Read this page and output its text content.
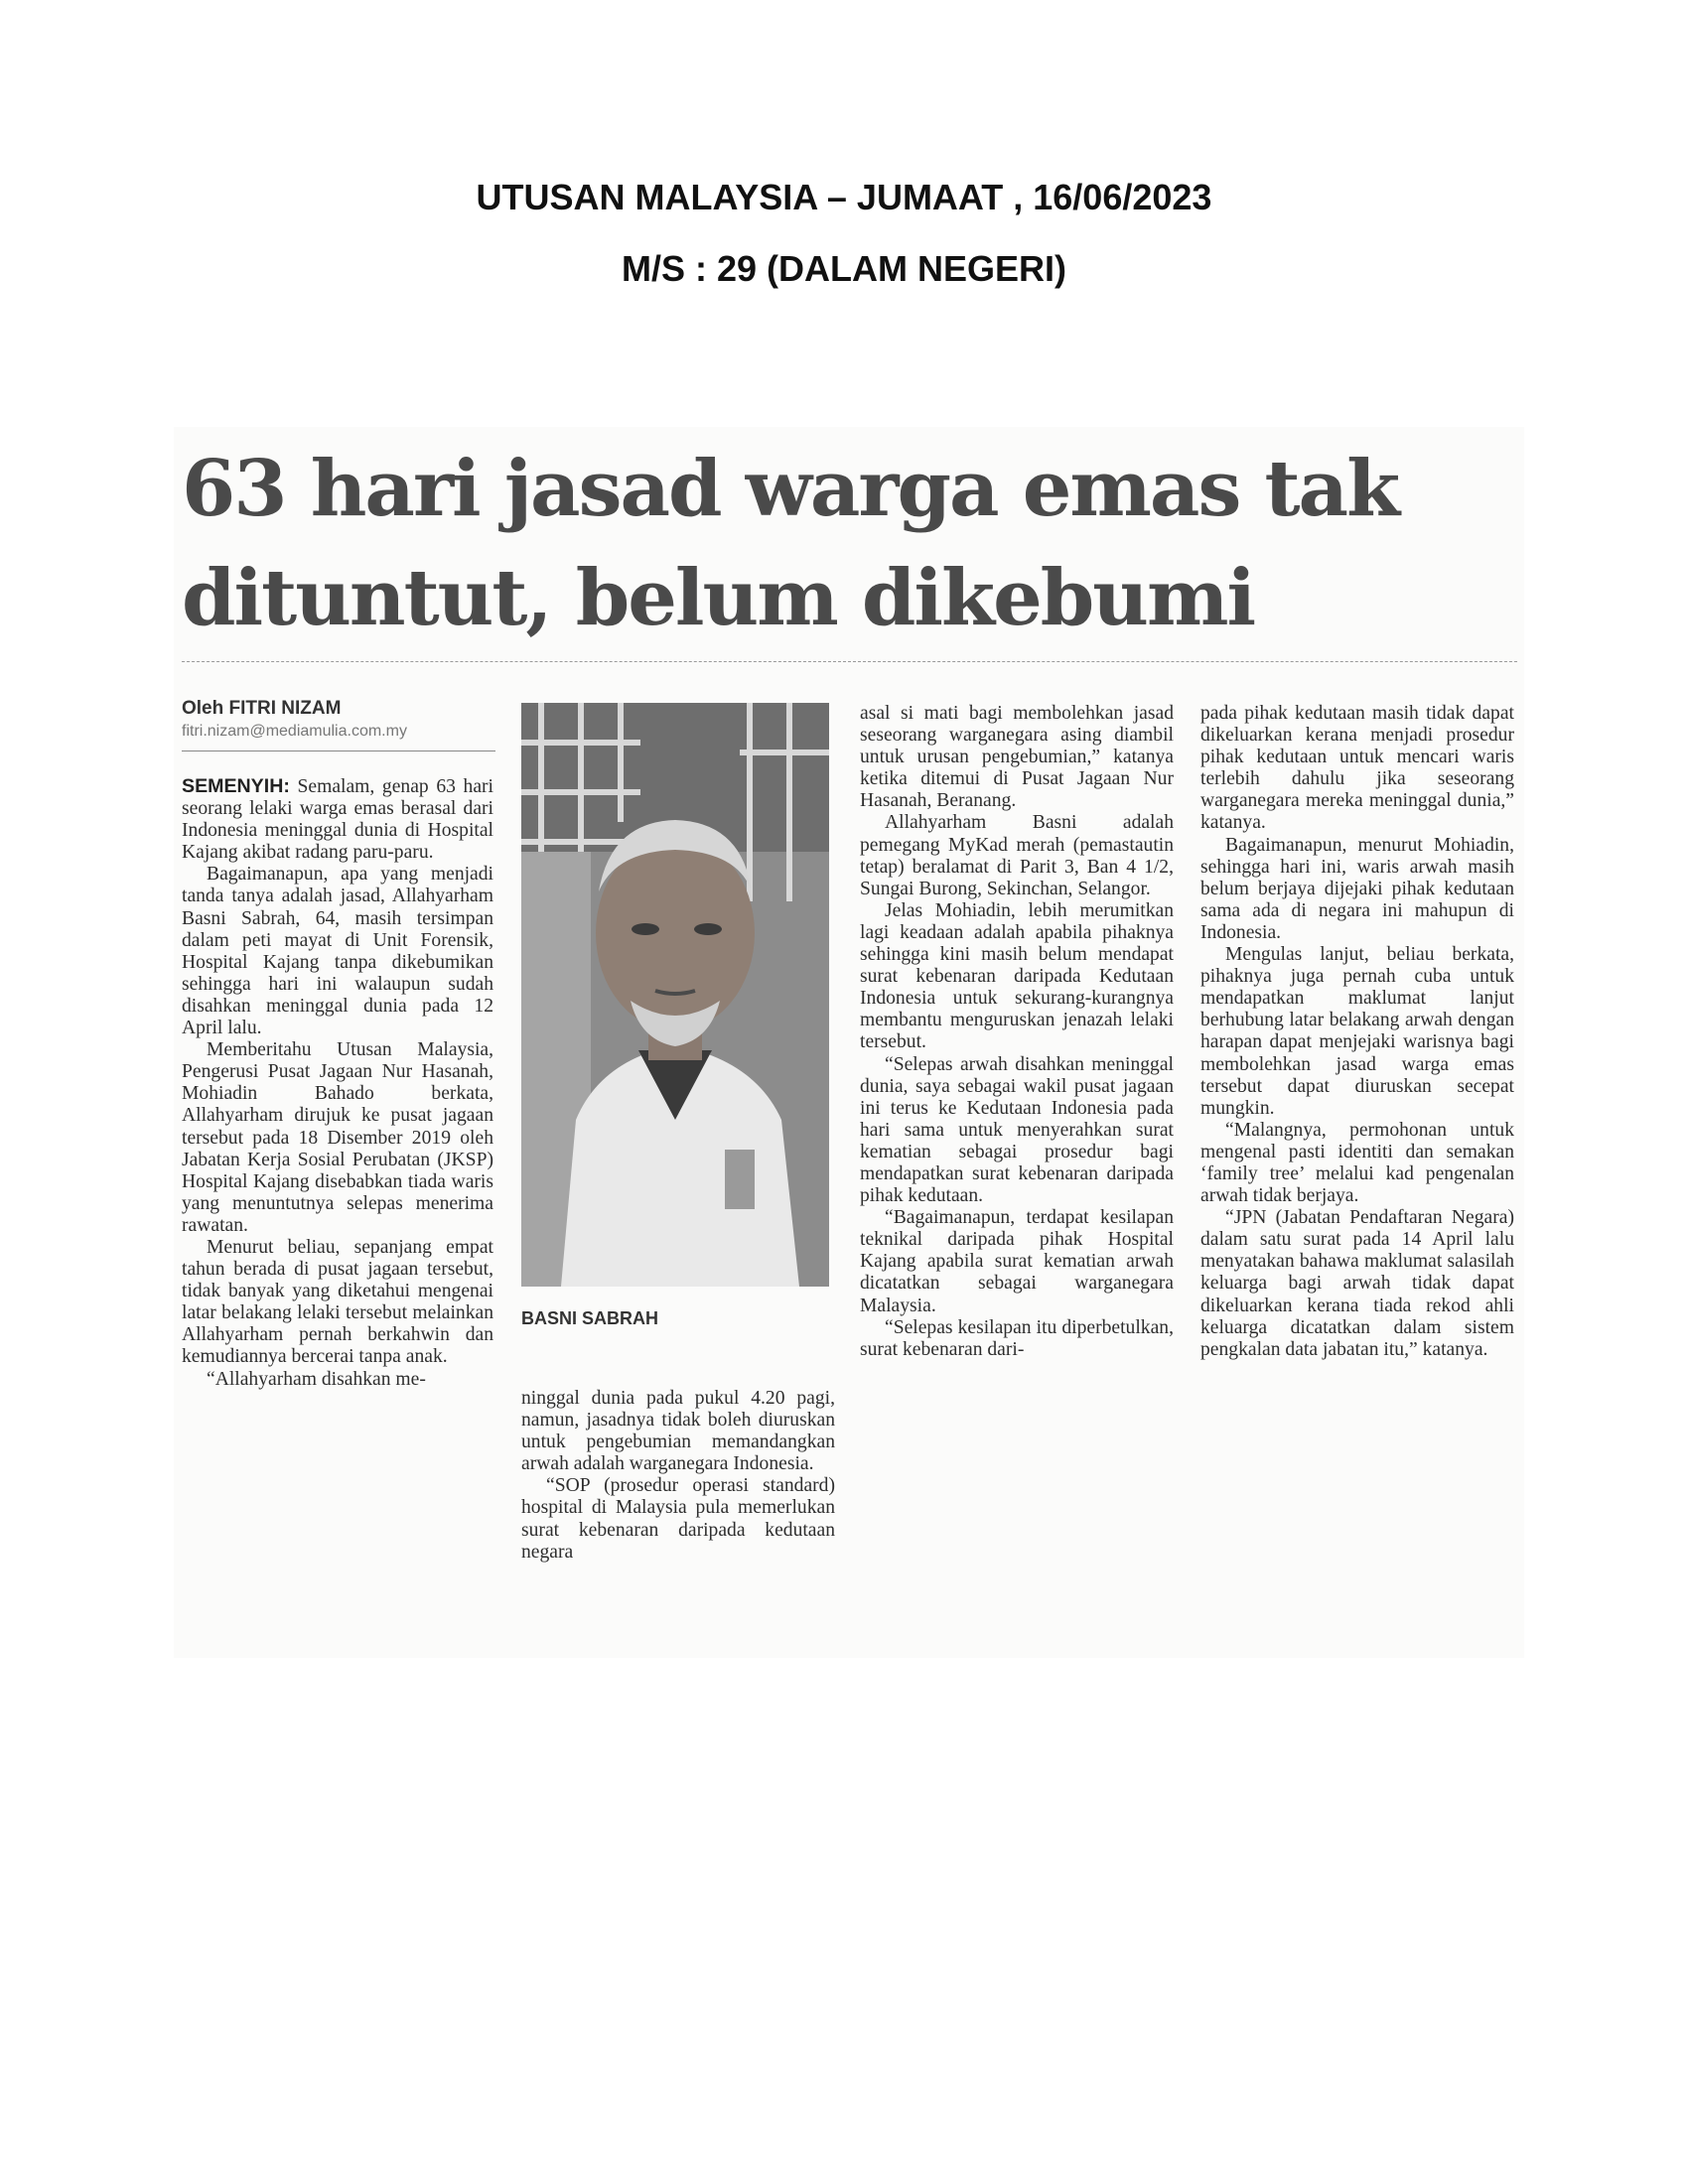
UTUSAN MALAYSIA – JUMAAT , 16/06/2023
M/S : 29 (DALAM NEGERI)
63 hari jasad warga emas tak
dituntut, belum dikebumi
Oleh FITRI NIZAM
fitri.nizam@mediamulia.com.my

SEMENYIH: Semalam, genap 63 hari seorang lelaki warga emas berasal dari Indonesia meninggal dunia di Hospital Kajang akibat radang paru-paru.

Bagaimanapun, apa yang menjadi tanda tanya adalah jasad, Allahyarham Basni Sabrah, 64, masih tersimpan dalam peti mayat di Unit Forensik, Hospital Kajang tanpa dikebumikan sehingga hari ini walaupun sudah disahkan meninggal dunia pada 12 April lalu.

Memberitahu Utusan Malaysia, Pengerusi Pusat Jagaan Nur Hasanah, Mohiadin Bahado berkata, Allahyarham dirujuk ke pusat jagaan tersebut pada 18 Disember 2019 oleh Jabatan Kerja Sosial Perubatan (JKSP) Hospital Kajang disebabkan tiada waris yang menuntutnya selepas menerima rawatan.

Menurut beliau, sepanjang empat tahun berada di pusat jagaan tersebut, tidak banyak yang diketahui mengenai latar belakang lelaki tersebut melainkan Allahyarham pernah berkahwin dan kemudiannya bercerai tanpa anak.

“Allahyarham disahkan me-

BASNI SABRAH

ninggal dunia pada pukul 4.20 pagi, namun, jasadnya tidak boleh diuruskan untuk pengebumian memandangkan arwah adalah warganegara Indonesia.

“SOP (prosedur operasi standard) hospital di Malaysia pula memerlukan surat kebenaran daripada kedutaan negara

asal si mati bagi membolehkan jasad seseorang warganegara asing diambil untuk urusan pengebumian,” katanya ketika ditemui di Pusat Jagaan Nur Hasanah, Beranang.

Allahyarham Basni adalah pemegang MyKad merah (pemastautin tetap) beralamat di Parit 3, Ban 4 1/2, Sungai Burong, Sekinchan, Selangor.

Jelas Mohiadin, lebih merumitkan lagi keadaan adalah apabila pihaknya sehingga kini masih belum mendapat surat kebenaran daripada Kedutaan Indonesia untuk sekurang-kurangnya membantu menguruskan jenazah lelaki tersebut.

“Selepas arwah disahkan meninggal dunia, saya sebagai wakil pusat jagaan ini terus ke Kedutaan Indonesia pada hari sama untuk menyerahkan surat kematian sebagai prosedur bagi mendapatkan surat kebenaran daripada pihak kedutaan.

“Bagaimanapun, terdapat kesilapan teknikal daripada pihak Hospital Kajang apabila surat kematian arwah dicatatkan sebagai warganegara Malaysia.

“Selepas kesilapan itu diperbetulkan, surat kebenaran dari-

pada pihak kedutaan masih tidak dapat dikeluarkan kerana menjadi prosedur pihak kedutaan untuk mencari waris terlebih dahulu jika seseorang warganegara mereka meninggal dunia,” katanya.

Bagaimanapun, menurut Mohiadin, sehingga hari ini, waris arwah masih belum berjaya dijejaki pihak kedutaan sama ada di negara ini mahupun di Indonesia.

Mengulas lanjut, beliau berkata, pihaknya juga pernah cuba untuk mendapatkan maklumat lanjut berhubung latar belakang arwah dengan harapan dapat menjejaki warisnya bagi membolehkan jasad warga emas tersebut dapat diuruskan secepat mungkin.

“Malangnya, permohonan untuk mengenal pasti identiti dan semakan ‘family tree’ melalui kad pengenalan arwah tidak berjaya.

“JPN (Jabatan Pendaftaran Negara) dalam satu surat pada 14 April lalu menyatakan bahawa maklumat salasilah keluarga bagi arwah tidak dapat dikeluarkan kerana tiada rekod ahli keluarga dicatatkan dalam sistem pengkalan data jabatan itu,” katanya.
